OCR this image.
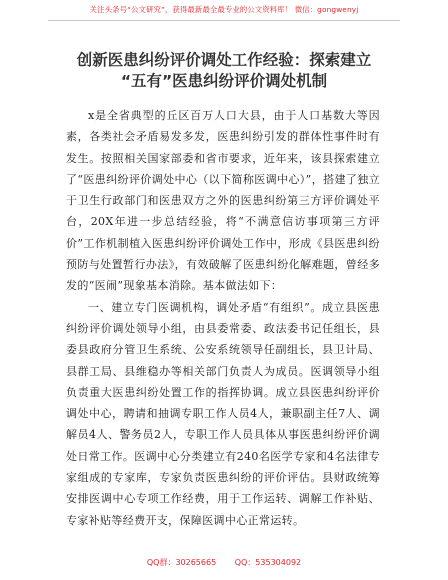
关注头条号“公文研究”，获得最新最全最专业的公文资料库！ 微信：gongwenyj
创新医患纠纷评价调处工作经验：探索建立
“五有”医患纠纷评价调处机制

x是全省典型的丘区百万人口大县，由于人口基数大等因素，各类社会矛盾易发多发，医患纠纷引发的群体性事件时有发生。按照相关国家部委和省市要求，近年来，该县探索建立了“医患纠纷评价调处中心（以下简称医调中心）”，搭建了独立于卫生行政部门和医患双方之外的医患纠纷第三方评价调处平台，20X年进一步总结经验，将“不满意信访事项第三方评价”工作机制植入医患纠纷评价调处工作中，形成《县医患纠纷预防与处置暂行办法》，有效破解了医患纠纷化解难题，曾经多发的“医闹”现象基本消除。基本做法如下：

一、建立专门医调机构，调处矛盾“有组织”。成立县医患纠纷评价调处领导小组，由县委常委、政法委书记任组长，县委县政府分管卫生系统、公安系统领导任副组长，县卫计局、县群工局、县维稳办等相关部门负责人为成员。医调领导小组负责重大医患纠纷处置工作的指挥协调。成立县医患纠纷评价调处中心，聘请和抽调专职工作人员4人，兼职副主任7人、调解员4人、警务员2人，专职工作人员具体从事医患纠纷评价调处日常工作。医调中心分类建立有240名医学专家和4名法律专家组成的专家库，专家负责医患纠纷的评价评估。县财政统筹安排医调中心专项工作经费，用于工作运转、调解工作补贴、专家补贴等经费开支，保障医调中心正常运转。

QQ群：30265665 QQ：535304092
